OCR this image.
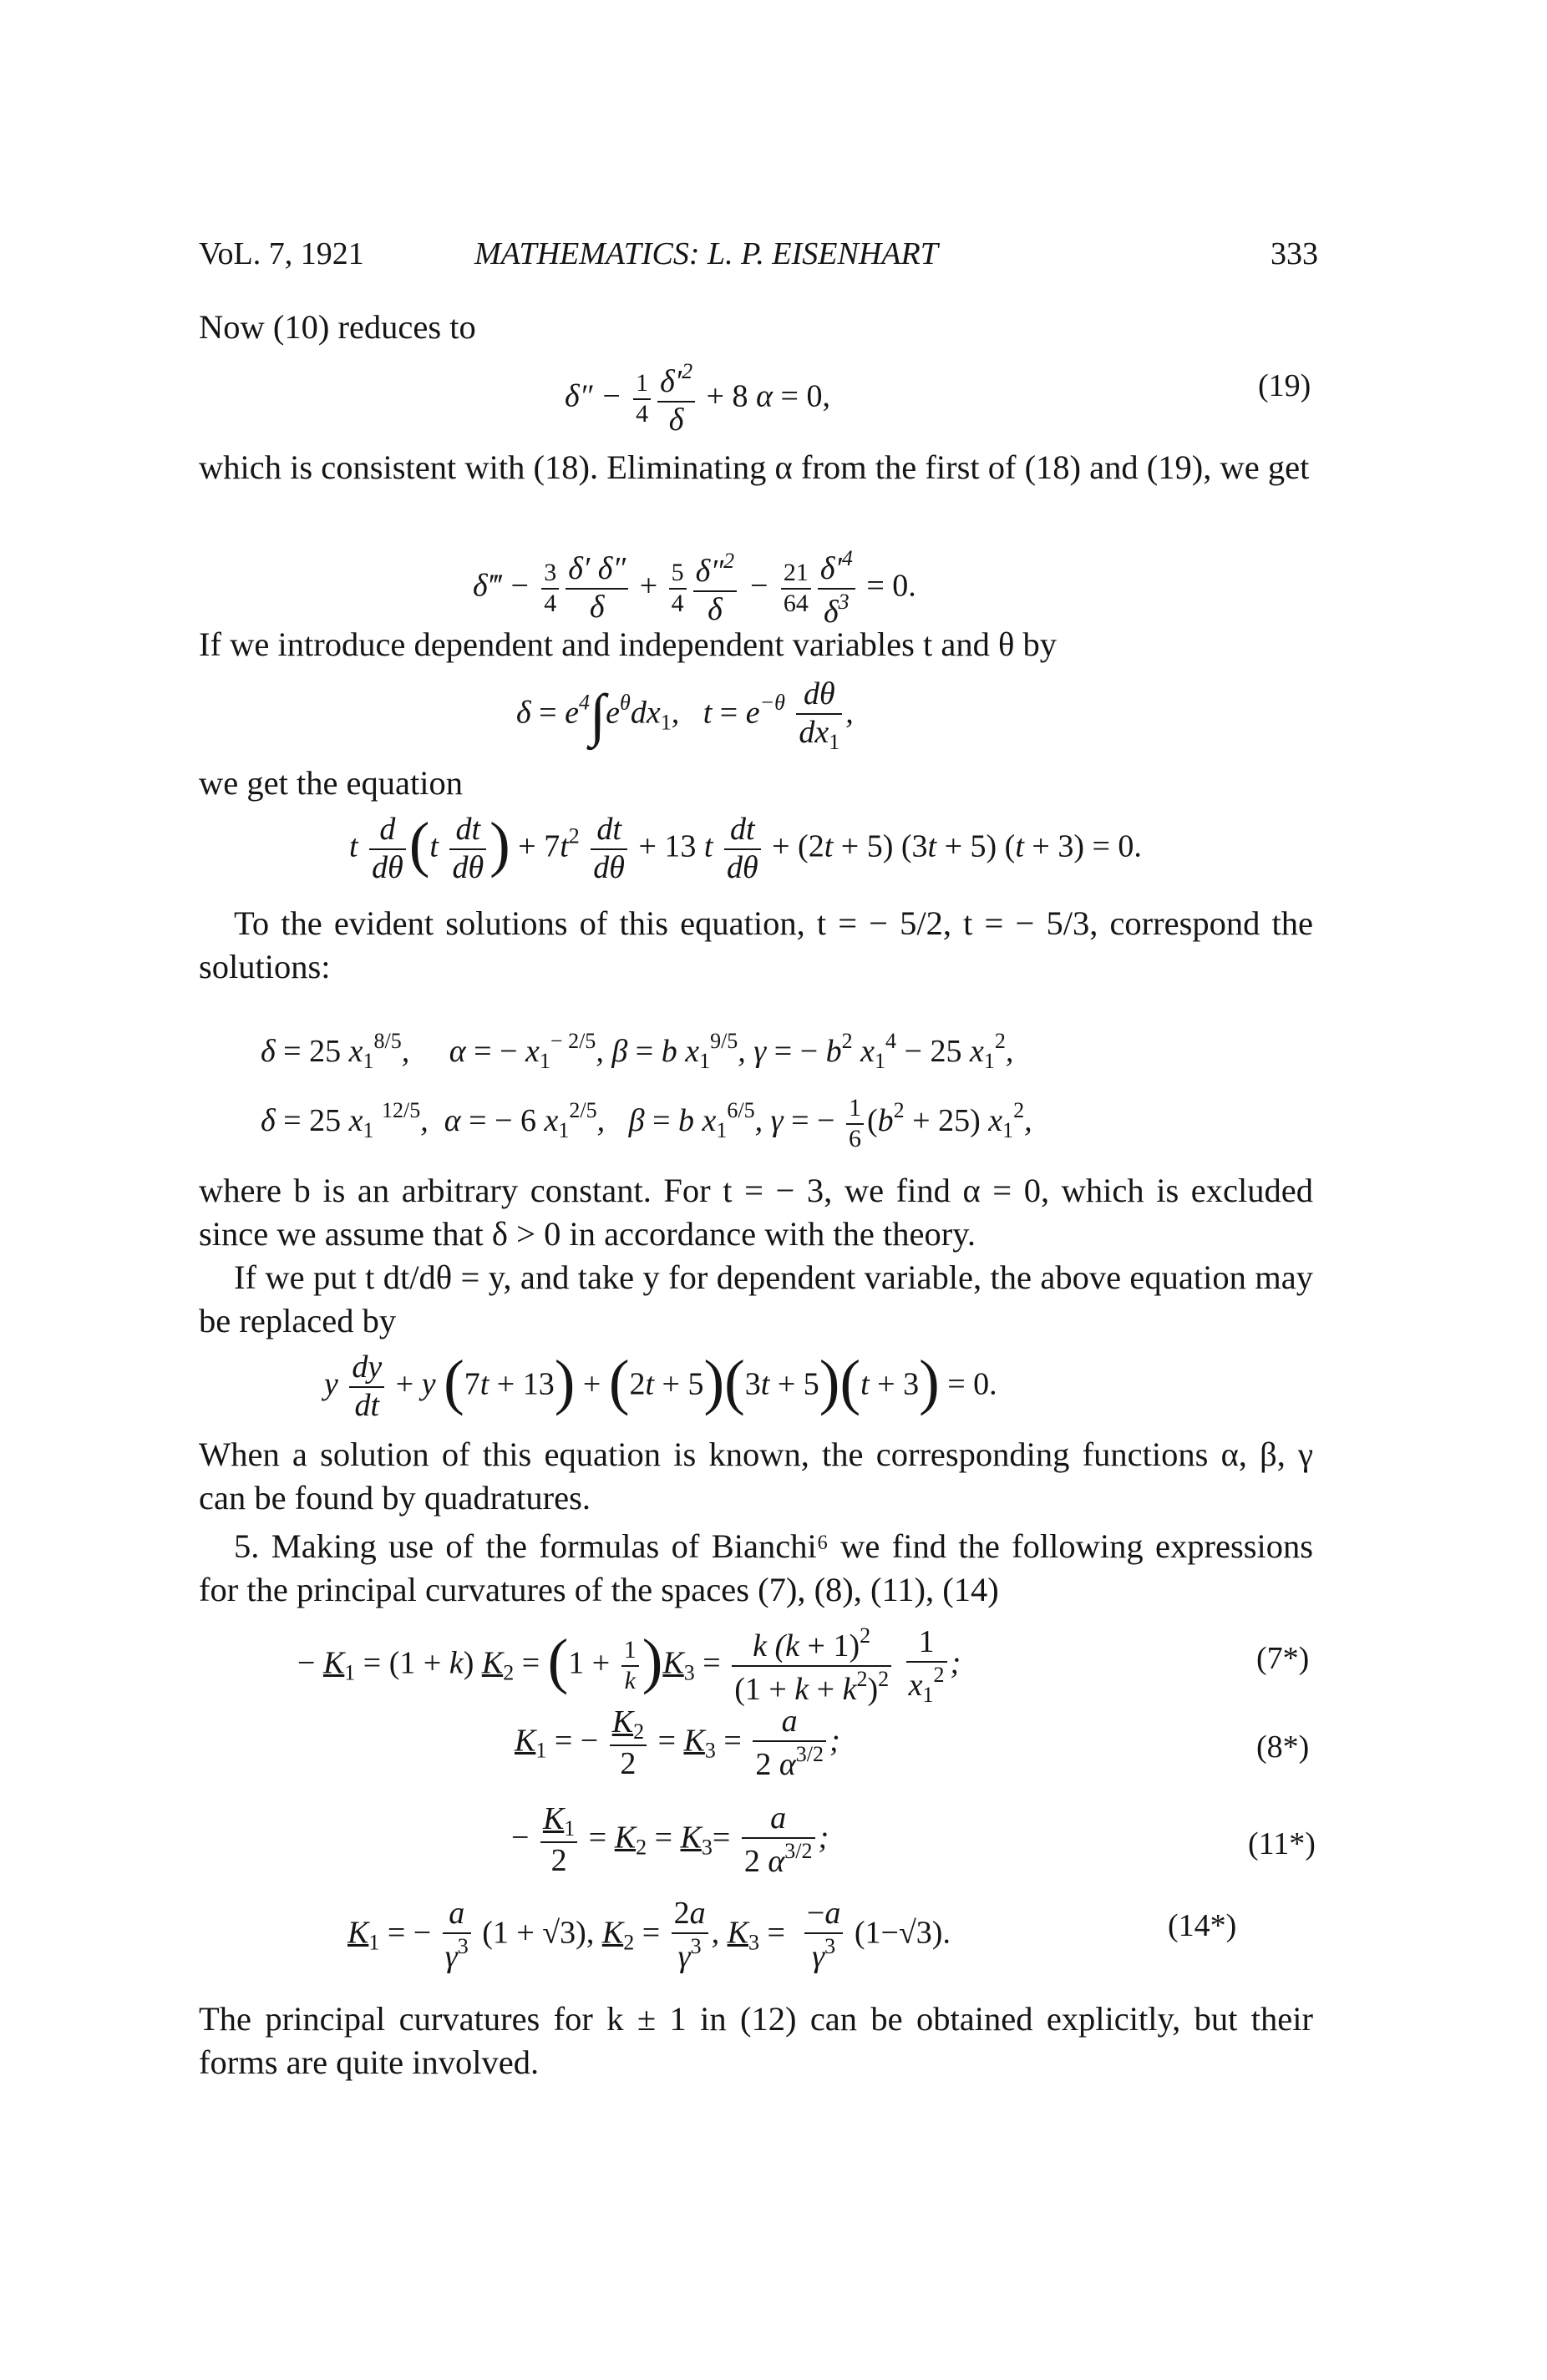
VoL. 7, 1921	MATHEMATICS: L. P. EISENHART	333

Now (10) reduces to

$\delta'' - \frac{1}{4} \frac{\delta'^2}{\delta} + 8$ α = 0,	(19)

which is consistent with (18). Eliminating α from the first of (18) and (19), we get

δ‴ − $\frac{3}{4} \frac{\delta' \delta''}{\delta} + \frac{5}{4} \frac{\delta''^2}{\delta} - \frac{21}{64} \frac{\delta'^4}{\delta^3} = 0$.

If we introduce dependent and independent variables t and θ by

$\delta = e^4\int e^\theta dx_1$,   $t = e^{-\theta} \frac{d\theta}{dx_1}$ ,

we get the equation

t $\frac{d}{d\theta} (t \frac{dt}{d\theta}$ ) + $7t^2 \frac{dt}{d\theta} + 13$ t $\frac{dt}{d\theta} + (2t + 5) (3t + 5) (t + 3) = 0$.

To the evident solutions of this equation, t = − 5/2, t = − 5/3, correspond the solutions:

δ = 25 $x_1^{8/5}$,     α = − $x_1^{- 2/5}$, β = b $x_1^{9/5}$, γ = − $b^2$ $x_1^4 - 25$ $x_1^2$,
δ = 25 $x_1$ $^{12/5}$,  α = − 6 $x_1^{2/5}$,   β = b $x_1^{6/5}$, γ = − $\frac{1}{6} (b^2 + 25)$ $x_1^2$,

where b is an arbitrary constant. For t = − 3, we find α = 0, which is excluded since we assume that δ > 0 in accordance with the theory.

If we put t dt/dθ = y, and take y for dependent variable, the above equation may be replaced by

y $\frac{dy}{dt} + y$ (7t + 13) + (2t + 5)(3t + 5)(t + 3) = 0.

When a solution of this equation is known, the corresponding functions α, β, γ can be found by quadratures.

5. Making use of the formulas of Bianchi⁶ we find the following expressions for the principal curvatures of the spaces (7), (8), (11), (14)

− $K_1 = (1 + k) K_2 = (1 + \frac{1}{k} )K_3 = \frac{k (k + 1)^2}{(1 + k + k^2)^2}$
$\frac{1}{x_1^2}$ ;	(7*)
$K_1$ = − $\frac{K_2}{2} = K_3 = \frac{a}{2 \alpha^{3/2}}$ ;	(8*)
− $\frac{K_1}{2} = K_2 = K_3= \frac{a}{2 \alpha^{3/2}}$ ;	(11*)
$K_1$ = − $\frac{a}{\gamma^3} (1 + √3)$, $K_2 = \frac{2a}{\gamma^3}$ , $K_3 = \frac{-a}{\gamma^3} (1-√3)$.	(14*)

The principal curvatures for k ± 1 in (12) can be obtained explicitly, but their forms are quite involved.
